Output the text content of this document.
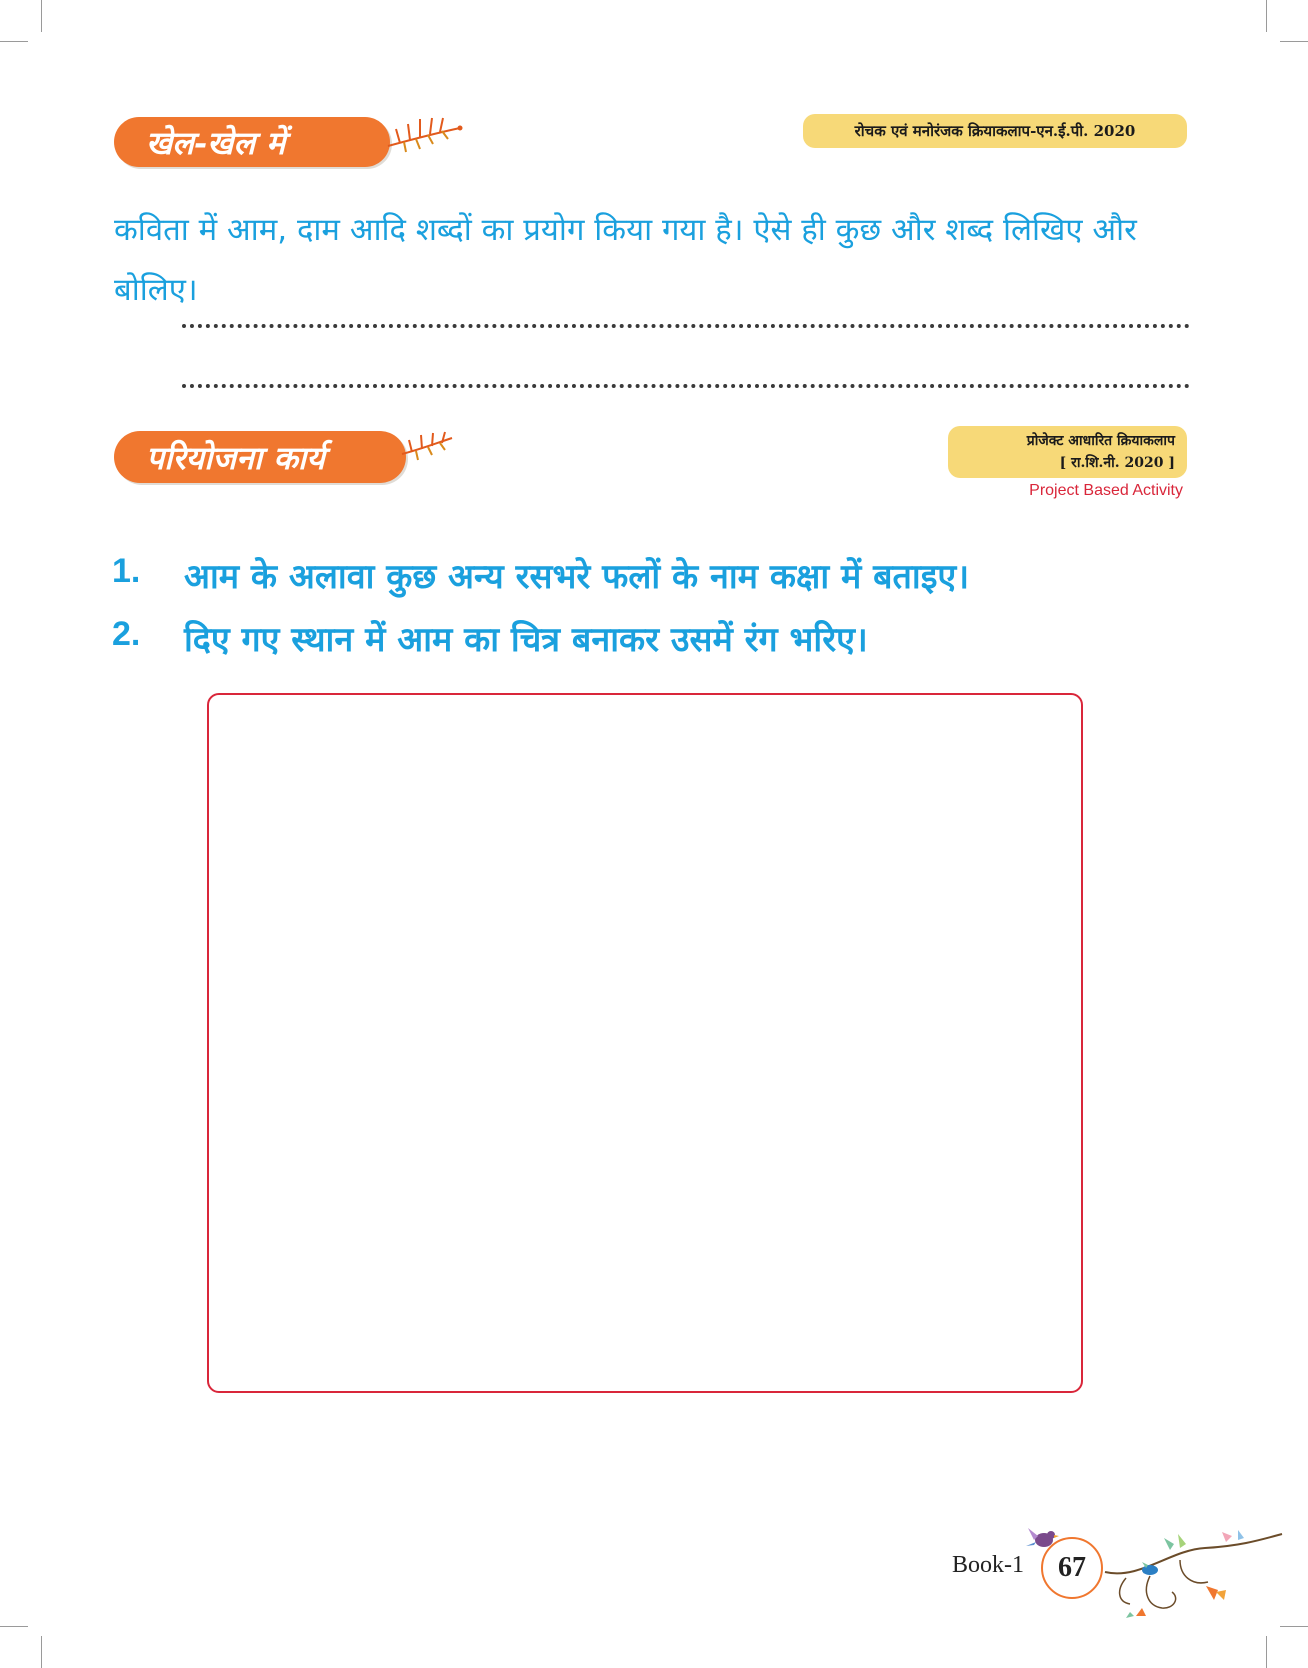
खेल-खेल में	रोचक एवं मनोरंजक क्रियाकलाप-एन.ई.पी. 2020
कविता में आम, दाम आदि शब्दों का प्रयोग किया गया है। ऐसे ही कुछ और शब्द लिखिए और बोलिए।
परियोजना कार्य	प्रोजेक्ट आधारित क्रियाकलाप
[ रा.शि.नी. 2020 ]
Project Based Activity
1.	आम के अलावा कुछ अन्य रसभरे फलों के नाम कक्षा में बताइए।
2.	दिए गए स्थान में आम का चित्र बनाकर उसमें रंग भरिए।
Book-1 67
